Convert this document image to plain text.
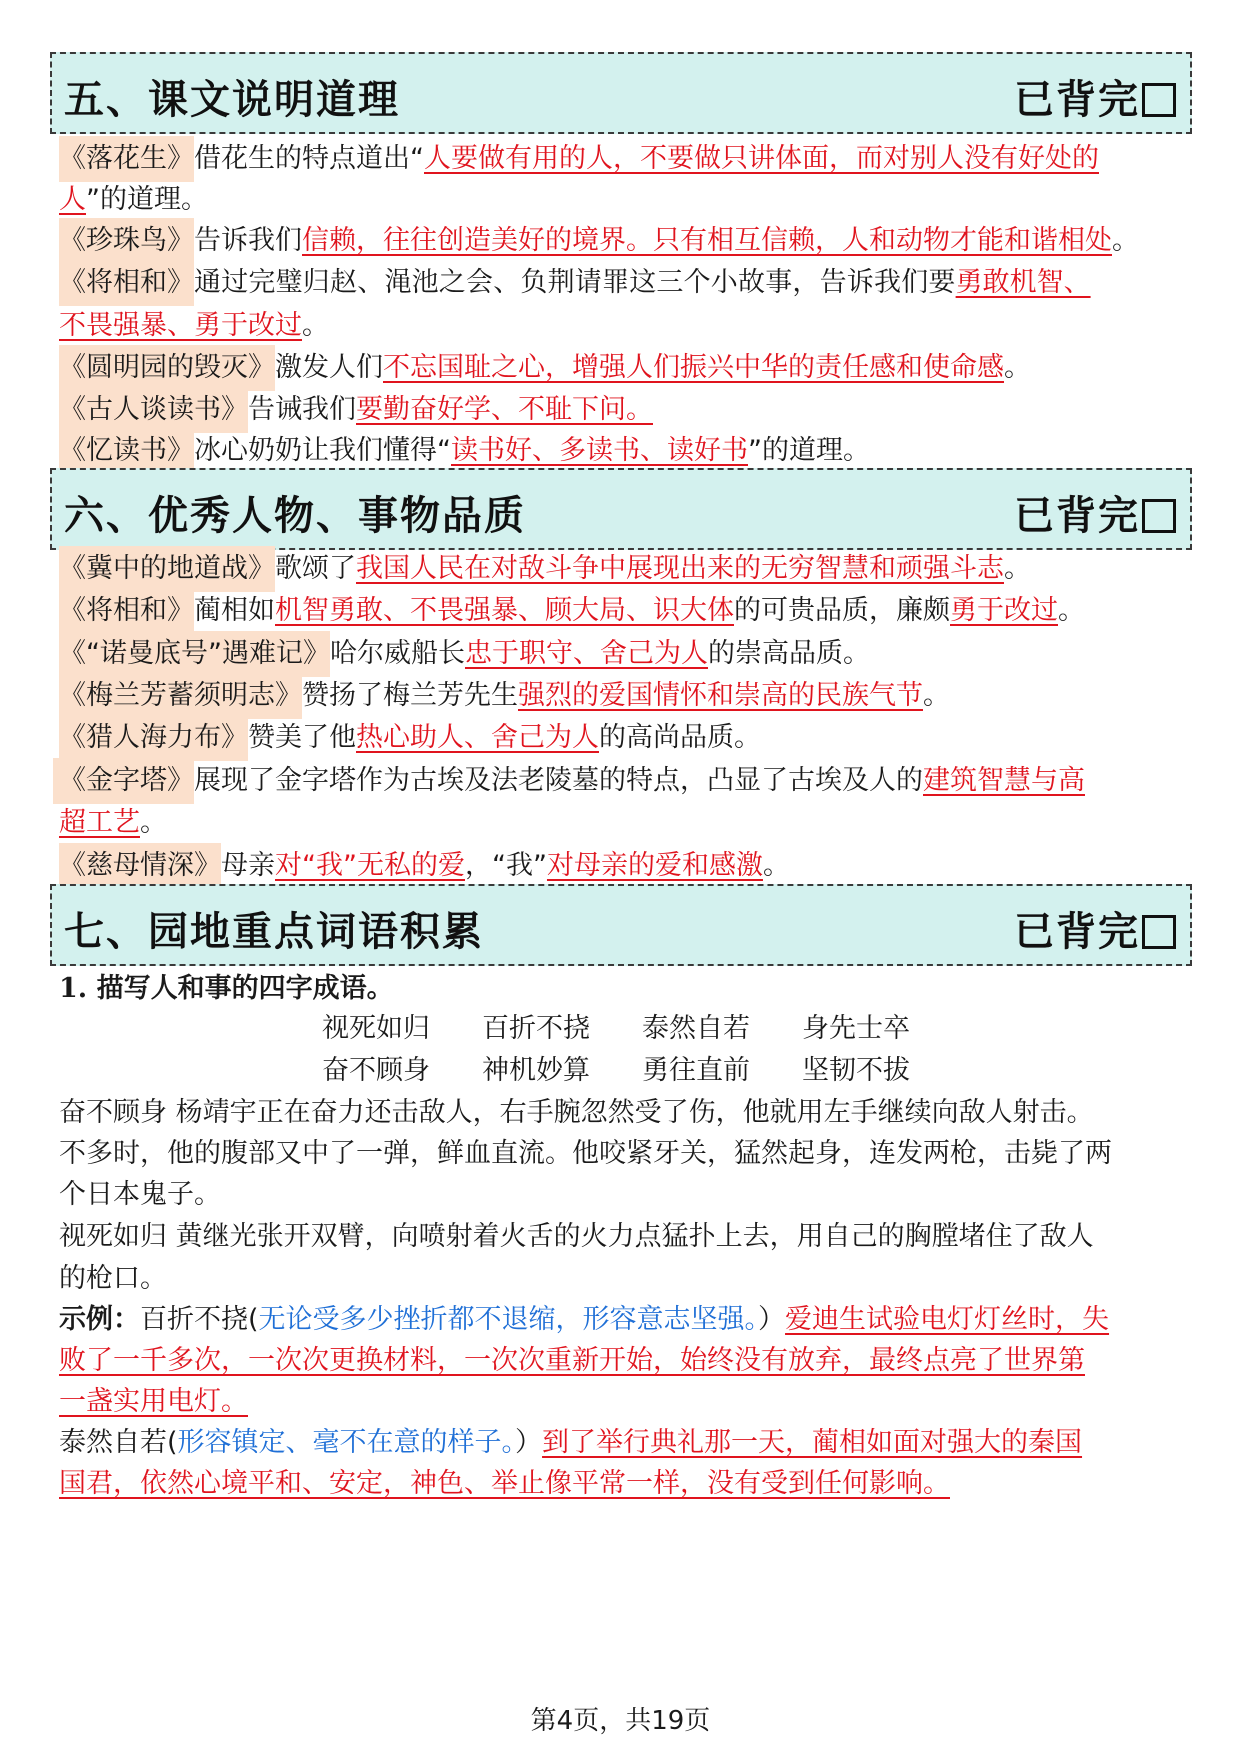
五、课文说明道理	已背完
《落花生》借花生的特点道出“人要做有用的人，不要做只讲体面，而对别人没有好处的
人”的道理。
《珍珠鸟》告诉我们信赖，往往创造美好的境界。只有相互信赖，人和动物才能和谐相处。
《将相和》通过完璧归赵、渑池之会、负荆请罪这三个小故事，告诉我们要勇敢机智、
不畏强暴、勇于改过。
《圆明园的毁灭》激发人们不忘国耻之心，增强人们振兴中华的责任感和使命感。
《古人谈读书》告诫我们要勤奋好学、不耻下问。
《忆读书》冰心奶奶让我们懂得“读书好、多读书、读好书”的道理。
六、优秀人物、事物品质	已背完
《冀中的地道战》歌颂了我国人民在对敌斗争中展现出来的无穷智慧和顽强斗志。
《将相和》蔺相如机智勇敢、不畏强暴、顾大局、识大体的可贵品质，廉颇勇于改过。
《“诺曼底号”遇难记》哈尔威船长忠于职守、舍己为人的崇高品质。
《梅兰芳蓄须明志》赞扬了梅兰芳先生强烈的爱国情怀和崇高的民族气节。
《猎人海力布》赞美了他热心助人、舍己为人的高尚品质。
《金字塔》展现了金字塔作为古埃及法老陵墓的特点，凸显了古埃及人的建筑智慧与高
超工艺。
《慈母情深》母亲对“我”无私的爱，“我”对母亲的爱和感激。
七、园地重点词语积累	已背完
1. 描写人和事的四字成语。
视死如归 百折不挠 泰然自若 身先士卒
奋不顾身 神机妙算 勇往直前 坚韧不拔
奋不顾身 杨靖宇正在奋力还击敌人，右手腕忽然受了伤，他就用左手继续向敌人射击。
不多时，他的腹部又中了一弹，鲜血直流。他咬紧牙关，猛然起身，连发两枪，击毙了两
个日本鬼子。
视死如归 黄继光张开双臂，向喷射着火舌的火力点猛扑上去，用自己的胸膛堵住了敌人
的枪口。
示例：百折不挠(无论受多少挫折都不退缩，形容意志坚强。）爱迪生试验电灯灯丝时，失
败了一千多次，一次次更换材料，一次次重新开始，始终没有放弃，最终点亮了世界第
一盏实用电灯。
泰然自若(形容镇定、毫不在意的样子。）到了举行典礼那一天，蔺相如面对强大的秦国
国君，依然心境平和、安定，神色、举止像平常一样，没有受到任何影响。
第4页，共19页
